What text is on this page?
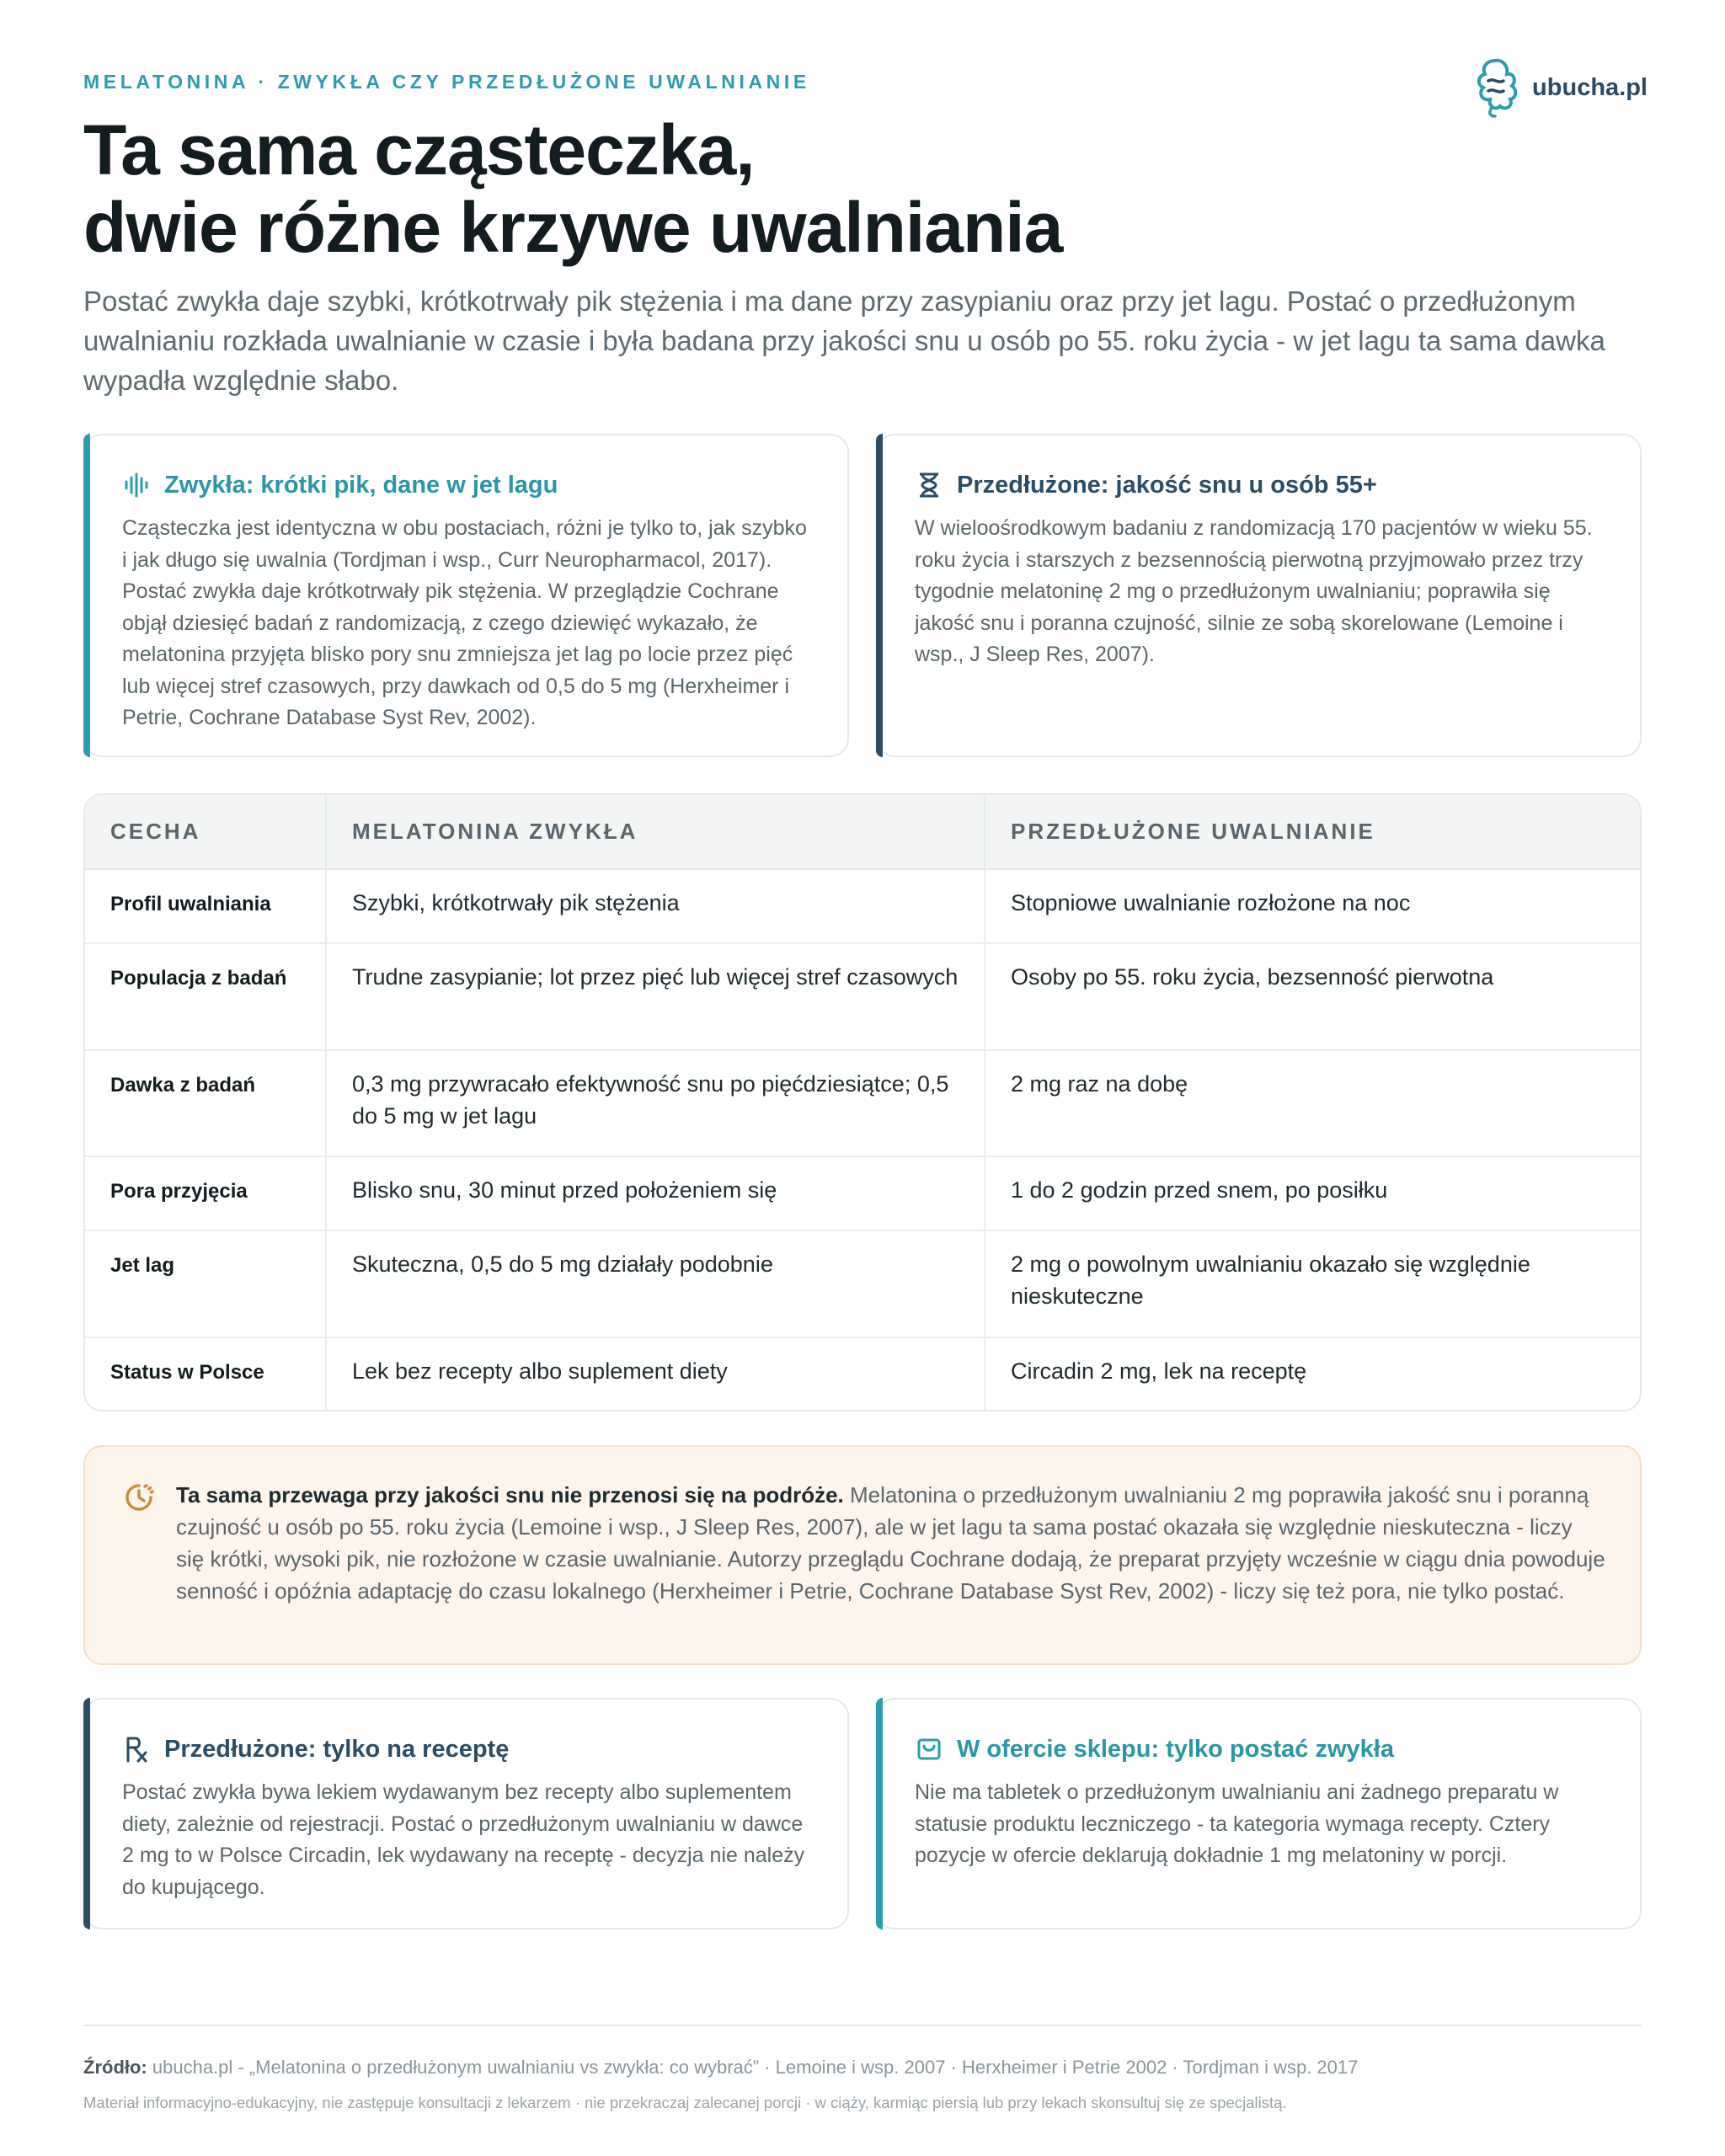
MELATONINA · ZWYKŁA CZY PRZEDŁUŻONE UWALNIANIE	ubucha.pl
Ta sama cząsteczka,
dwie różne krzywe uwalniania

Postać zwykła daje szybki, krótkotrwały pik stężenia i ma dane przy zasypianiu oraz przy jet lagu. Postać o przedłużonym uwalnianiu rozkłada uwalnianie w czasie i była badana przy jakości snu u osób po 55. roku życia - w jet lagu ta sama dawka wypadła względnie słabo.

Zwykła: krótki pik, dane w jet lagu

Cząsteczka jest identyczna w obu postaciach, różni je tylko to, jak szybko i jak długo się uwalnia (Tordjman i wsp., Curr Neuropharmacol, 2017). Postać zwykła daje krótkotrwały pik stężenia. W przeglądzie Cochrane objął dziesięć badań z randomizacją, z czego dziewięć wykazało, że melatonina przyjęta blisko pory snu zmniejsza jet lag po locie przez pięć lub więcej stref czasowych, przy dawkach od 0,5 do 5 mg (Herxheimer i Petrie, Cochrane Database Syst Rev, 2002).

Przedłużone: jakość snu u osób 55+

W wieloośrodkowym badaniu z randomizacją 170 pacjentów w wieku 55. roku życia i starszych z bezsennością pierwotną przyjmowało przez trzy tygodnie melatoninę 2 mg o przedłużonym uwalnianiu; poprawiła się jakość snu i poranna czujność, silnie ze sobą skorelowane (Lemoine i wsp., J Sleep Res, 2007).

CECHA	MELATONINA ZWYKŁA	PRZEDŁUŻONE UWALNIANIE
Profil uwalniania	Szybki, krótkotrwały pik stężenia	Stopniowe uwalnianie rozłożone na noc
Populacja z badań	Trudne zasypianie; lot przez pięć lub więcej stref czasowych	Osoby po 55. roku życia, bezsenność pierwotna
Dawka z badań	0,3 mg przywracało efektywność snu po pięćdziesiątce; 0,5 do 5 mg w jet lagu	2 mg raz na dobę
Pora przyjęcia	Blisko snu, 30 minut przed położeniem się	1 do 2 godzin przed snem, po posiłku
Jet lag	Skuteczna, 0,5 do 5 mg działały podobnie	2 mg o powolnym uwalnianiu okazało się względnie nieskuteczne
Status w Polsce	Lek bez recepty albo suplement diety	Circadin 2 mg, lek na receptę
Ta sama przewaga przy jakości snu nie przenosi się na podróże. Melatonina o przedłużonym uwalnianiu 2 mg poprawiła jakość snu i poranną czujność u osób po 55. roku życia (Lemoine i wsp., J Sleep Res, 2007), ale w jet lagu ta sama postać okazała się względnie nieskuteczna - liczy się krótki, wysoki pik, nie rozłożone w czasie uwalnianie. Autorzy przeglądu Cochrane dodają, że preparat przyjęty wcześnie w ciągu dnia powoduje senność i opóźnia adaptację do czasu lokalnego (Herxheimer i Petrie, Cochrane Database Syst Rev, 2002) - liczy się też pora, nie tylko postać.
Przedłużone: tylko na receptę

Postać zwykła bywa lekiem wydawanym bez recepty albo suplementem diety, zależnie od rejestracji. Postać o przedłużonym uwalnianiu w dawce 2 mg to w Polsce Circadin, lek wydawany na receptę - decyzja nie należy do kupującego.

W ofercie sklepu: tylko postać zwykła

Nie ma tabletek o przedłużonym uwalnianiu ani żadnego preparatu w statusie produktu leczniczego - ta kategoria wymaga recepty. Cztery pozycje w ofercie deklarują dokładnie 1 mg melatoniny w porcji.

Źródło: ubucha.pl - „Melatonina o przedłużonym uwalnianiu vs zwykła: co wybrać” · Lemoine i wsp. 2007 · Herxheimer i Petrie 2002 · Tordjman i wsp. 2017

Materiał informacyjno-edukacyjny, nie zastępuje konsultacji z lekarzem · nie przekraczaj zalecanej porcji · w ciąży, karmiąc piersią lub przy lekach skonsultuj się ze specjalistą.
